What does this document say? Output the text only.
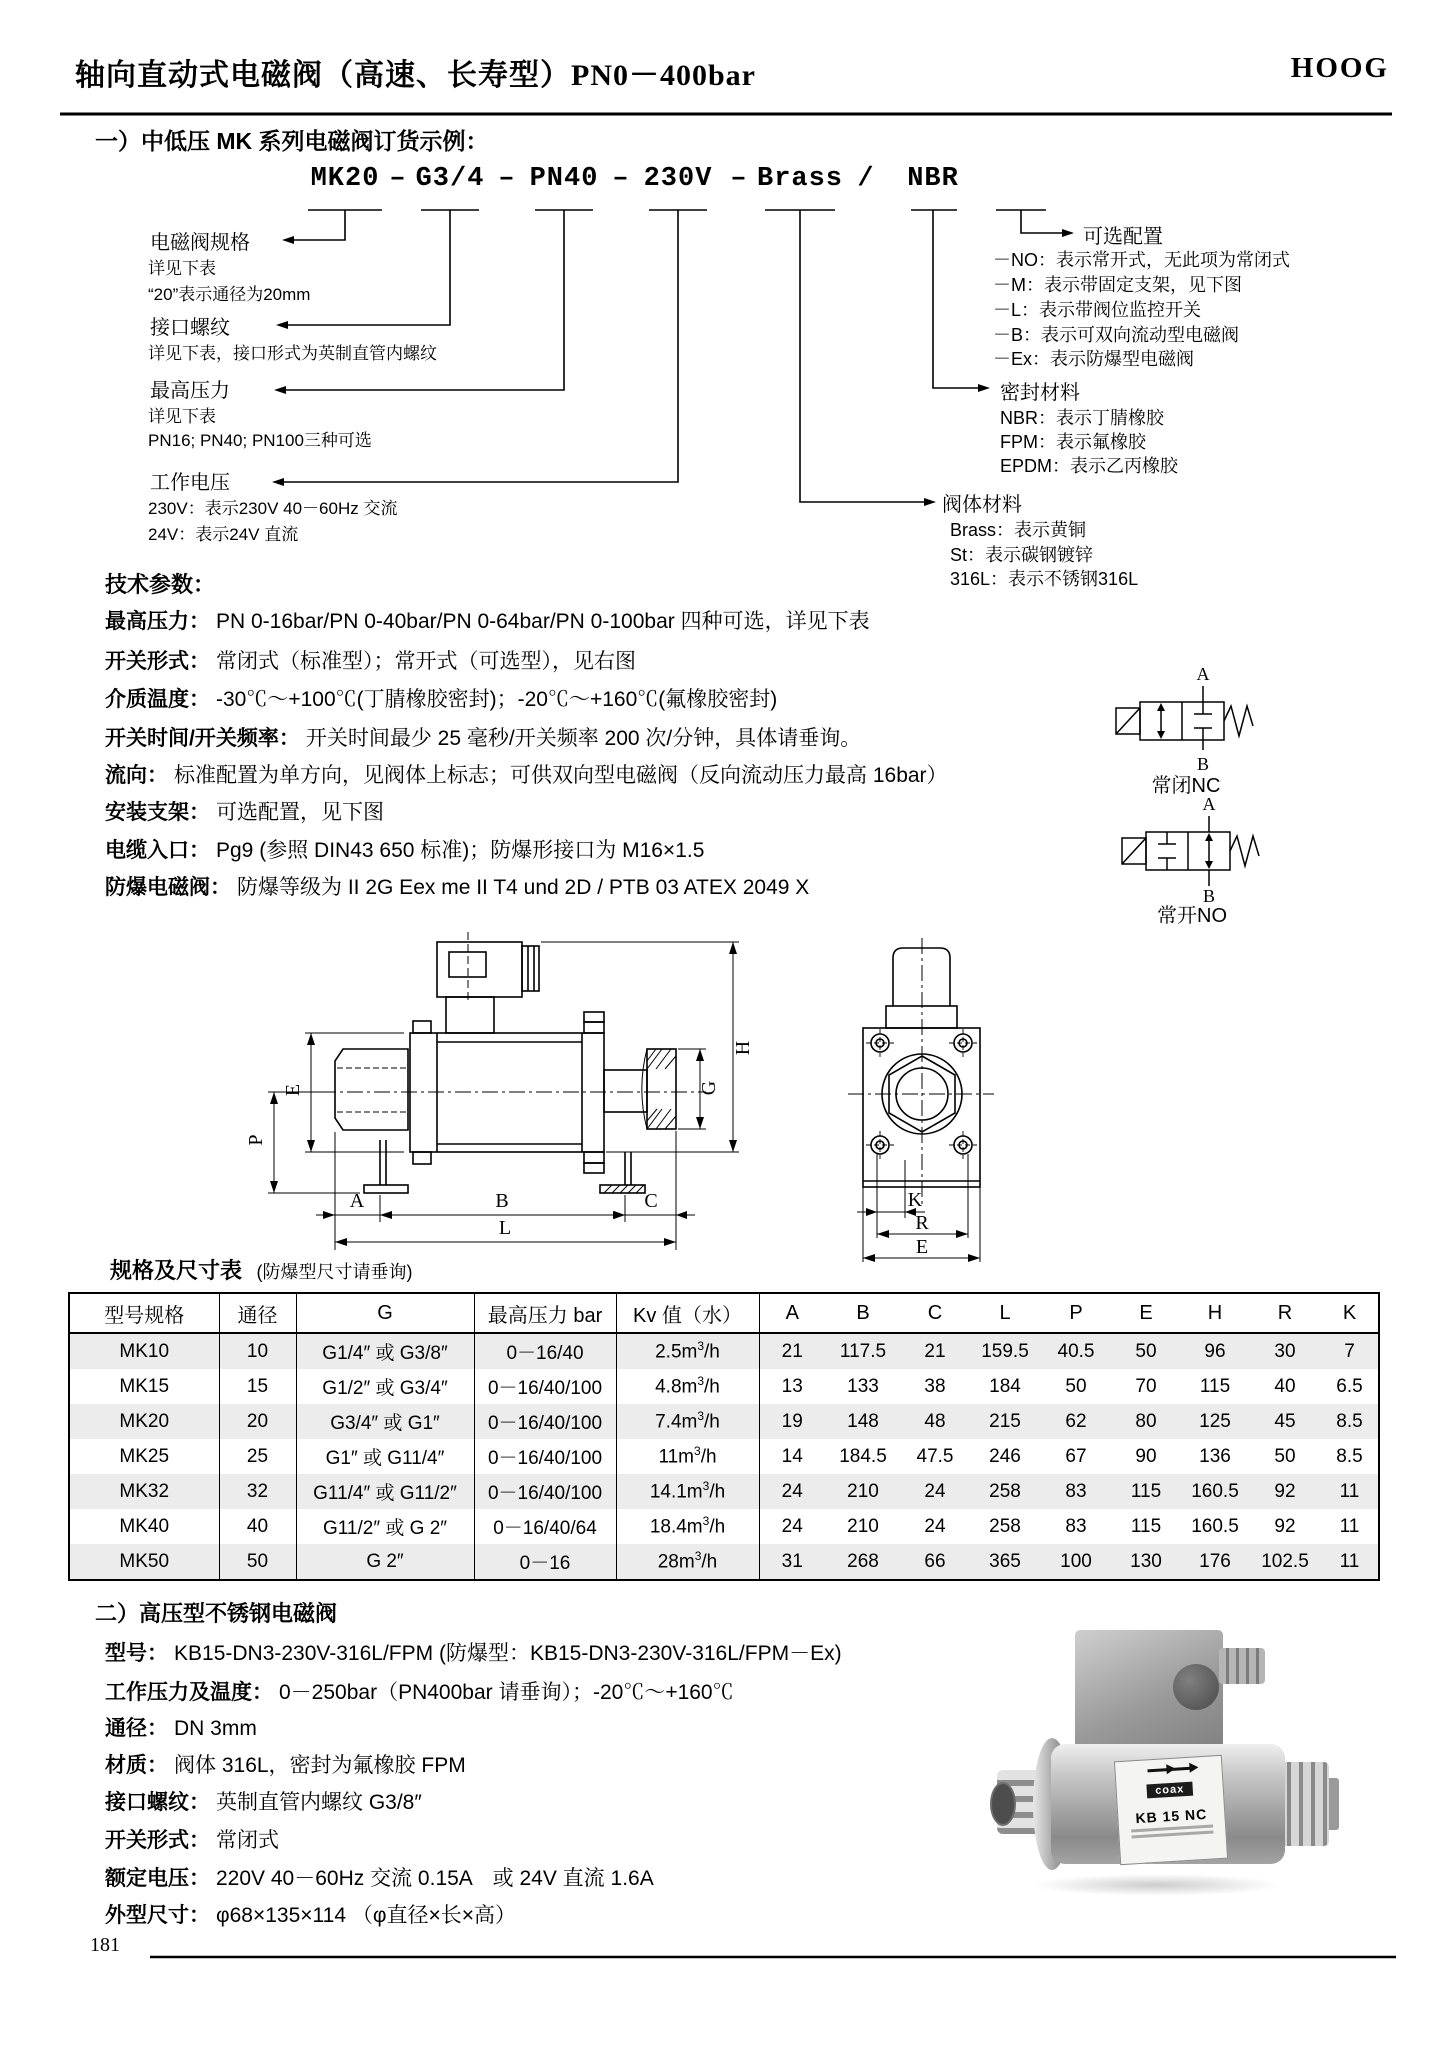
A
B
常闭NC
A
B
常开NO
E
P
H
G
A	B	C
L
K
R
E
轴向直动式电磁阀（高速、长寿型）PN0－400bar	HOOG
一）中低压 MK 系列电磁阀订货示例：
技术参数：
规格及尺寸表 (防爆型尺寸请垂询)
型号规格	通径	G	最高压力 bar	Kv 值（水）	A	B	C	L	P	E	H	R	K
MK10	10	G1/4″ 或 G3/8″	0－16/40	$2.5m^3/h$	21	117.5	21	159.5	40.5	50	96	30	7
MK15	15	G1/2″ 或 G3/4″	0－16/40/100	$4.8m^3/h$	13	133	38	184	50	70	115	40	6.5
MK20	20	G3/4″ 或 G1″	0－16/40/100	$7.4m^3/h$	19	148	48	215	62	80	125	45	8.5
MK25	25	G1″ 或 G11/4″	0－16/40/100	$11m^3/h$	14	184.5	47.5	246	67	90	136	50	8.5
MK32	32	G11/4″ 或 G11/2″	0－16/40/100	$14.1m^3/h$	24	210	24	258	83	115	160.5	92	11
MK40	40	G11/2″ 或 G 2″	0－16/40/64	$18.4m^3/h$	24	210	24	258	83	115	160.5	92	11
MK50	50	G 2″	0－16	$28m^3/h$	31	268	66	365	100	130	176	102.5	11
二）高压型不锈钢电磁阀
coax
KB 15 NC
181
MK20 G3/4 PN40 230V Brass NBR
–	–	–	–	/
电磁阀规格
详见下表
“20”表示通径为20mm
接口螺纹
详见下表，接口形式为英制直管内螺纹
最高压力
详见下表
PN16; PN40; PN100三种可选
工作电压
230V：表示230V 40－60Hz 交流
24V：表示24V 直流
可选配置
－NO：表示常开式，无此项为常闭式
－M：表示带固定支架，见下图
－L：表示带阀位监控开关
－B：表示可双向流动型电磁阀
－Ex：表示防爆型电磁阀
密封材料
NBR：表示丁腈橡胶
FPM：表示氟橡胶
EPDM：表示乙丙橡胶
阀体材料
Brass：表示黄铜
St：表示碳钢镀锌
316L：表示不锈钢316L
最高压力： PN 0-16bar/PN 0-40bar/PN 0-64bar/PN 0-100bar 四种可选，详见下表
开关形式： 常闭式（标准型）；常开式（可选型），见右图
介质温度： -30℃～+100℃(丁腈橡胶密封)；-20℃～+160℃(氟橡胶密封)
开关时间/开关频率： 开关时间最少 25 毫秒/开关频率 200 次/分钟，具体请垂询。
流向： 标准配置为单方向，见阀体上标志；可供双向型电磁阀（反向流动压力最高 16bar）
安装支架： 可选配置，见下图
电缆入口： Pg9 (参照 DIN43 650 标准)；防爆形接口为 M16×1.5
防爆电磁阀： 防爆等级为 II 2G Eex me II T4 und 2D / PTB 03 ATEX 2049 X
型号： KB15-DN3-230V-316L/FPM (防爆型：KB15-DN3-230V-316L/FPM－Ex)
工作压力及温度： 0－250bar（PN400bar 请垂询）；-20℃～+160℃
通径： DN 3mm
材质： 阀体 316L，密封为氟橡胶 FPM
接口螺纹： 英制直管内螺纹 G3/8″
开关形式： 常闭式
额定电压： 220V 40－60Hz 交流 0.15A　或 24V 直流 1.6A
外型尺寸： φ68×135×114 （φ直径×长×高）
